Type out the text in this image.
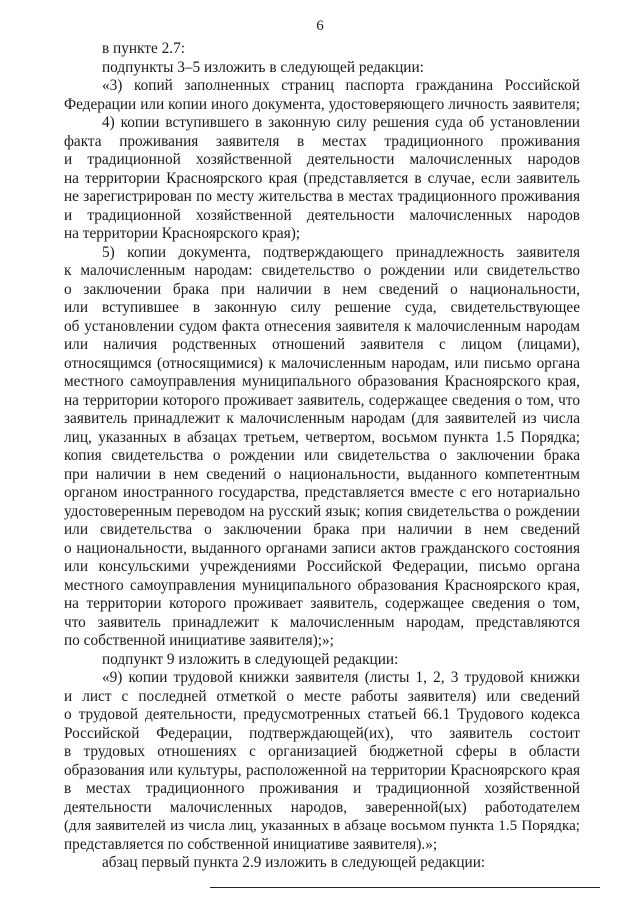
6
в пункте 2.7:
подпункты 3–5 изложить в следующей редакции:
«3) копий заполненных страниц паспорта гражданина Российской
Федерации или копии иного документа, удостоверяющего личность заявителя;
4) копии вступившего в законную силу решения суда об установлении
факта проживания заявителя в местах традиционного проживания
и традиционной хозяйственной деятельности малочисленных народов
на территории Красноярского края (представляется в случае, если заявитель
не зарегистрирован по месту жительства в местах традиционного проживания
и традиционной хозяйственной деятельности малочисленных народов
на территории Красноярского края);
5) копии документа, подтверждающего принадлежность заявителя
к малочисленным народам: свидетельство о рождении или свидетельство
о заключении брака при наличии в нем сведений о национальности,
или вступившее в законную силу решение суда, свидетельствующее
об установлении судом факта отнесения заявителя к малочисленным народам
или наличия родственных отношений заявителя с лицом (лицами),
относящимся (относящимися) к малочисленным народам, или письмо органа
местного самоуправления муниципального образования Красноярского края,
на территории которого проживает заявитель, содержащее сведения о том, что
заявитель принадлежит к малочисленным народам (для заявителей из числа
лиц, указанных в абзацах третьем, четвертом, восьмом пункта 1.5 Порядка;
копия свидетельства о рождении или свидетельства о заключении брака
при наличии в нем сведений о национальности, выданного компетентным
органом иностранного государства, представляется вместе с его нотариально
удостоверенным переводом на русский язык; копия свидетельства о рождении
или свидетельства о заключении брака при наличии в нем сведений
о национальности, выданного органами записи актов гражданского состояния
или консульскими учреждениями Российской Федерации, письмо органа
местного самоуправления муниципального образования Красноярского края,
на территории которого проживает заявитель, содержащее сведения о том,
что заявитель принадлежит к малочисленным народам, представляются
по собственной инициативе заявителя);»;
подпункт 9 изложить в следующей редакции:
«9) копии трудовой книжки заявителя (листы 1, 2, 3 трудовой книжки
и лист с последней отметкой о месте работы заявителя) или сведений
о трудовой деятельности, предусмотренных статьей 66.1 Трудового кодекса
Российской Федерации, подтверждающей(их), что заявитель состоит
в трудовых отношениях с организацией бюджетной сферы в области
образования или культуры, расположенной на территории Красноярского края
в местах традиционного проживания и традиционной хозяйственной
деятельности малочисленных народов, заверенной(ых) работодателем
(для заявителей из числа лиц, указанных в абзаце восьмом пункта 1.5 Порядка;
представляется по собственной инициативе заявителя).»;
абзац первый пункта 2.9 изложить в следующей редакции:
